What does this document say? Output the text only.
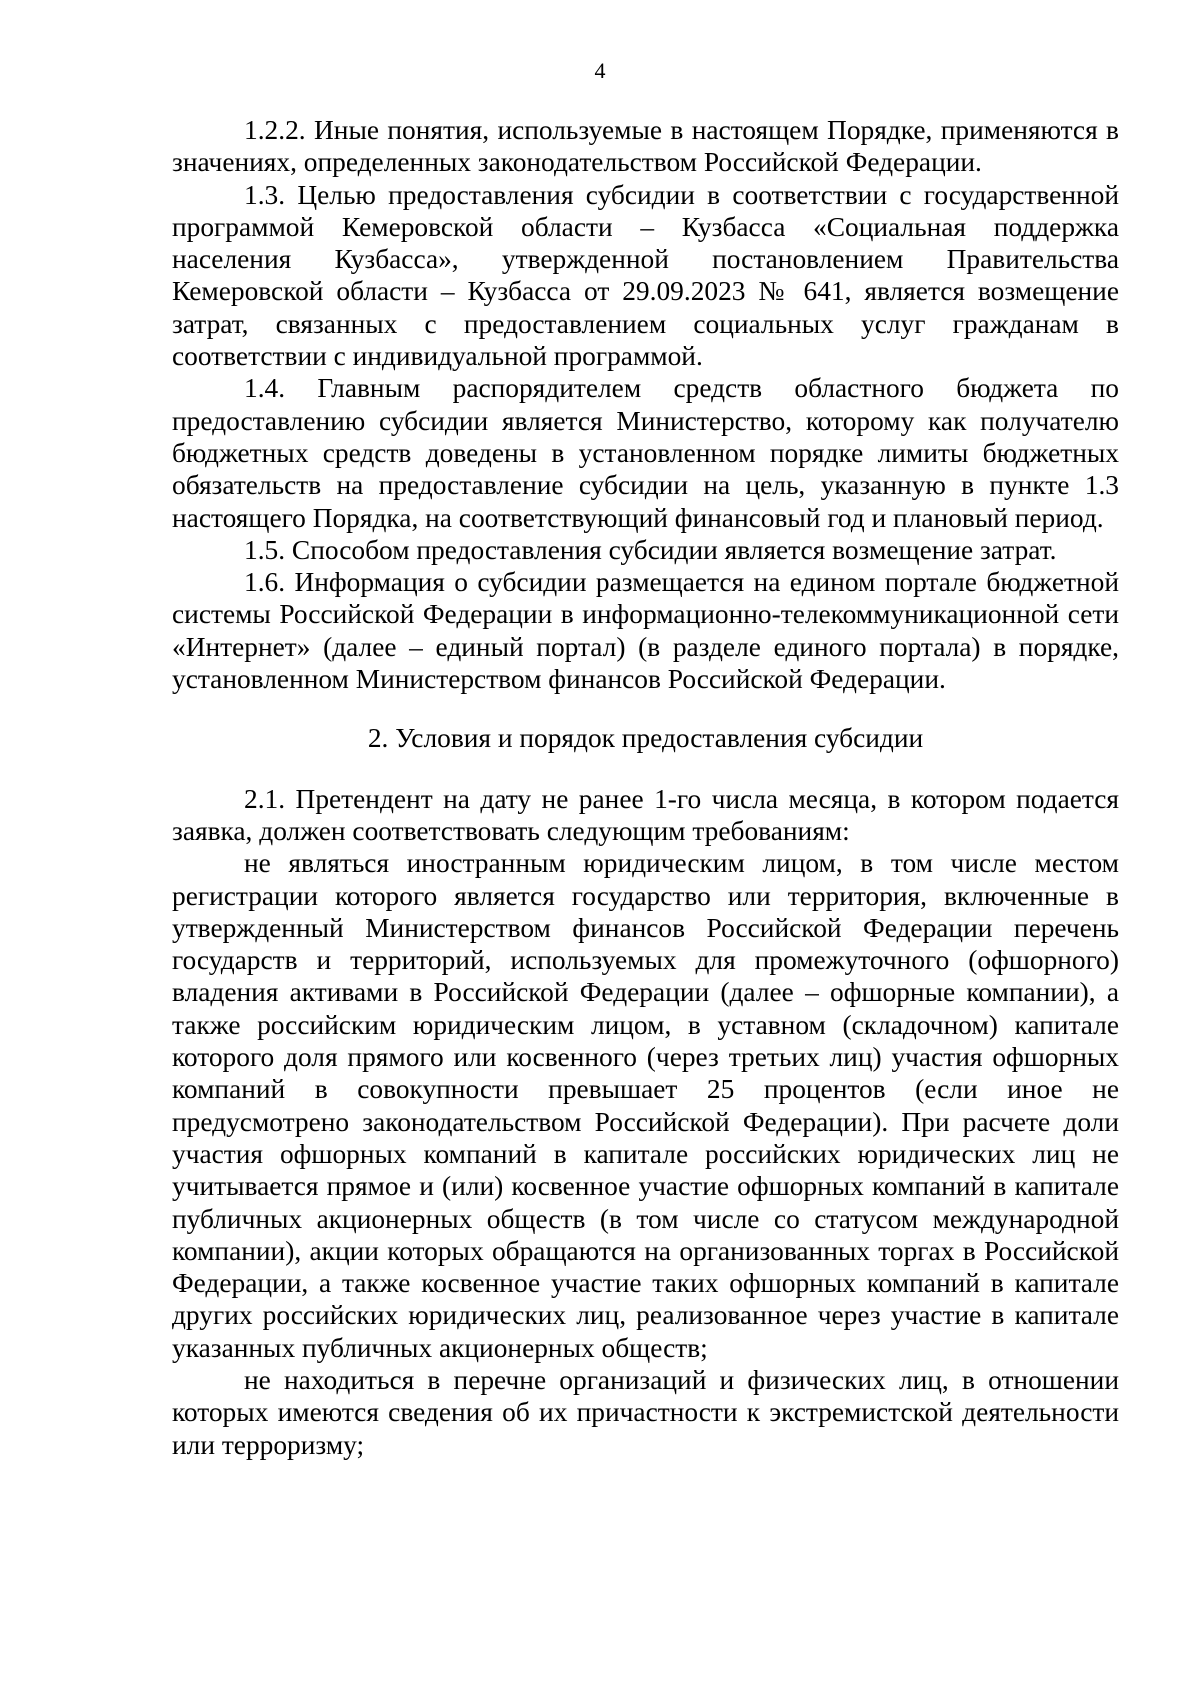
4

1.2.2. Иные понятия, используемые в настоящем Порядке, применяются в значениях, определенных законодательством Российской Федерации.

1.3. Целью предоставления субсидии в соответствии с государственной программой Кемеровской области – Кузбасса «Социальная поддержка населения Кузбасса», утвержденной постановлением Правительства Кемеровской области – Кузбасса от 29.09.2023 № 641, является возмещение затрат, связанных с предоставлением социальных услуг гражданам в соответствии с индивидуальной программой.

1.4. Главным распорядителем средств областного бюджета по предоставлению субсидии является Министерство, которому как получателю бюджетных средств доведены в установленном порядке лимиты бюджетных обязательств на предоставление субсидии на цель, указанную в пункте 1.3 настоящего Порядка, на соответствующий финансовый год и плановый период.

1.5. Способом предоставления субсидии является возмещение затрат.

1.6. Информация о субсидии размещается на едином портале бюджетной системы Российской Федерации в информационно-телекоммуникационной сети «Интернет» (далее – единый портал) (в разделе единого портала) в порядке, установленном Министерством финансов Российской Федерации.

2. Условия и порядок предоставления субсидии

2.1. Претендент на дату не ранее 1-го числа месяца, в котором подается заявка, должен соответствовать следующим требованиям:

не являться иностранным юридическим лицом, в том числе местом регистрации которого является государство или территория, включенные в утвержденный Министерством финансов Российской Федерации перечень государств и территорий, используемых для промежуточного (офшорного) владения активами в Российской Федерации (далее – офшорные компании), а также российским юридическим лицом, в уставном (складочном) капитале которого доля прямого или косвенного (через третьих лиц) участия офшорных компаний в совокупности превышает 25 процентов (если иное не предусмотрено законодательством Российской Федерации). При расчете доли участия офшорных компаний в капитале российских юридических лиц не учитывается прямое и (или) косвенное участие офшорных компаний в капитале публичных акционерных обществ (в том числе со статусом международной компании), акции которых обращаются на организованных торгах в Российской Федерации, а также косвенное участие таких офшорных компаний в капитале других российских юридических лиц, реализованное через участие в капитале указанных публичных акционерных обществ;

не находиться в перечне организаций и физических лиц, в отношении которых имеются сведения об их причастности к экстремистской деятельности или терроризму;
